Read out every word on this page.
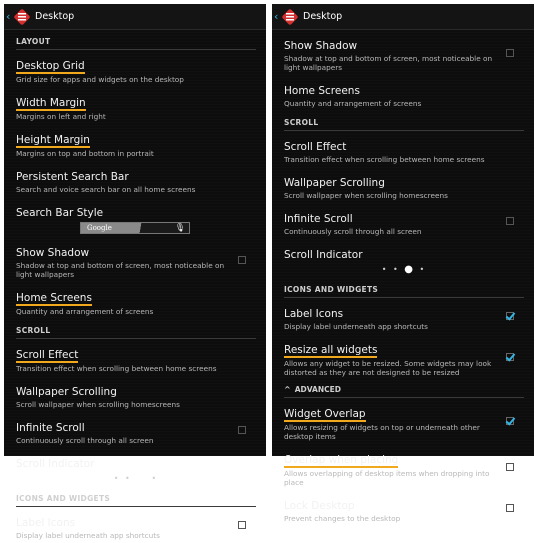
‹	Desktop
LAYOUT
Desktop Grid
Grid size for apps and widgets on the desktop
Width Margin
Margins on left and right
Height Margin
Margins on top and bottom in portrait
Persistent Search Bar
Search and voice search bar on all home screens
Search Bar Style
Google	🎙
Show Shadow
Shadow at top and bottom of screen, most noticeable on light wallpapers
Home Screens
Quantity and arrangement of screens
SCROLL
Scroll Effect
Transition effect when scrolling between home screens
Wallpaper Scrolling
Scroll wallpaper when scrolling homescreens
Infinite Scroll
Continuously scroll through all screen
Scroll Indicator
• • ● •
ICONS AND WIDGETS
Label Icons
Display label underneath app shortcuts
‹	Desktop
Show Shadow
Shadow at top and bottom of screen, most noticeable on light wallpapers
Home Screens
Quantity and arrangement of screens
SCROLL
Scroll Effect
Transition effect when scrolling between home screens
Wallpaper Scrolling
Scroll wallpaper when scrolling homescreens
Infinite Scroll
Continuously scroll through all screen
Scroll Indicator
• • ● •
ICONS AND WIDGETS
Label Icons
Display label underneath app shortcuts
Resize all widgets
Allows any widget to be resized. Some widgets may look distorted as they are not designed to be resized
^ ADVANCED
Widget Overlap
Allows resizing of widgets on top or underneath other desktop items
Overlap when placing
Allows overlapping of desktop items when dropping into place
Lock Desktop
Prevent changes to the desktop
